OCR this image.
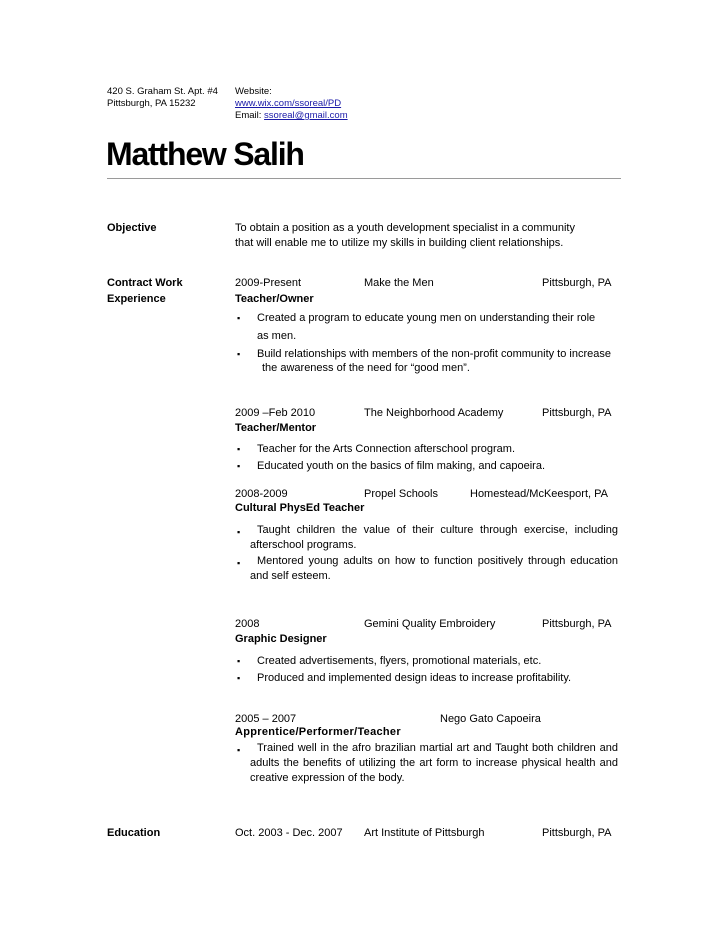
420 S. Graham St. Apt. #4
Pittsburgh, PA 15232
Website:
www.wix.com/ssoreal/PD
Email: ssoreal@gmail.com
Matthew Salih
Objective	To obtain a position as a youth development specialist in a community
that will enable me to utilize my skills in building client relationships.
Contract Work
Experience
2009-Present	Make the Men	Pittsburgh, PA
Teacher/Owner
▪ Created a program to educate young men on understanding their role
as men.
▪ Build relationships with members of the non-profit community to increase
the awareness of the need for “good men”.
2009 –Feb 2010	The Neighborhood Academy	Pittsburgh, PA
Teacher/Mentor
▪ Teacher for the Arts Connection afterschool program.
▪ Educated youth on the basics of film making, and capoeira.
2008-2009	Propel Schools	Homestead/McKeesport, PA
Cultural PhysEd Teacher
▪	Taught children the value of their culture through exercise, including afterschool programs.
▪	Mentored young adults on how to function positively through education and self esteem.
2008	Gemini Quality Embroidery	Pittsburgh, PA
Graphic Designer
▪ Created advertisements, flyers, promotional materials, etc.
▪ Produced and implemented design ideas to increase profitability.
2005 – 2007	Nego Gato Capoeira
Apprentice/Performer/Teacher
▪	Trained well in the afro brazilian martial art and Taught both children and adults the benefits of utilizing the art form to increase physical health and creative expression of the body.
Education	Oct. 2003 - Dec. 2007 Art Institute of Pittsburgh	Pittsburgh, PA
